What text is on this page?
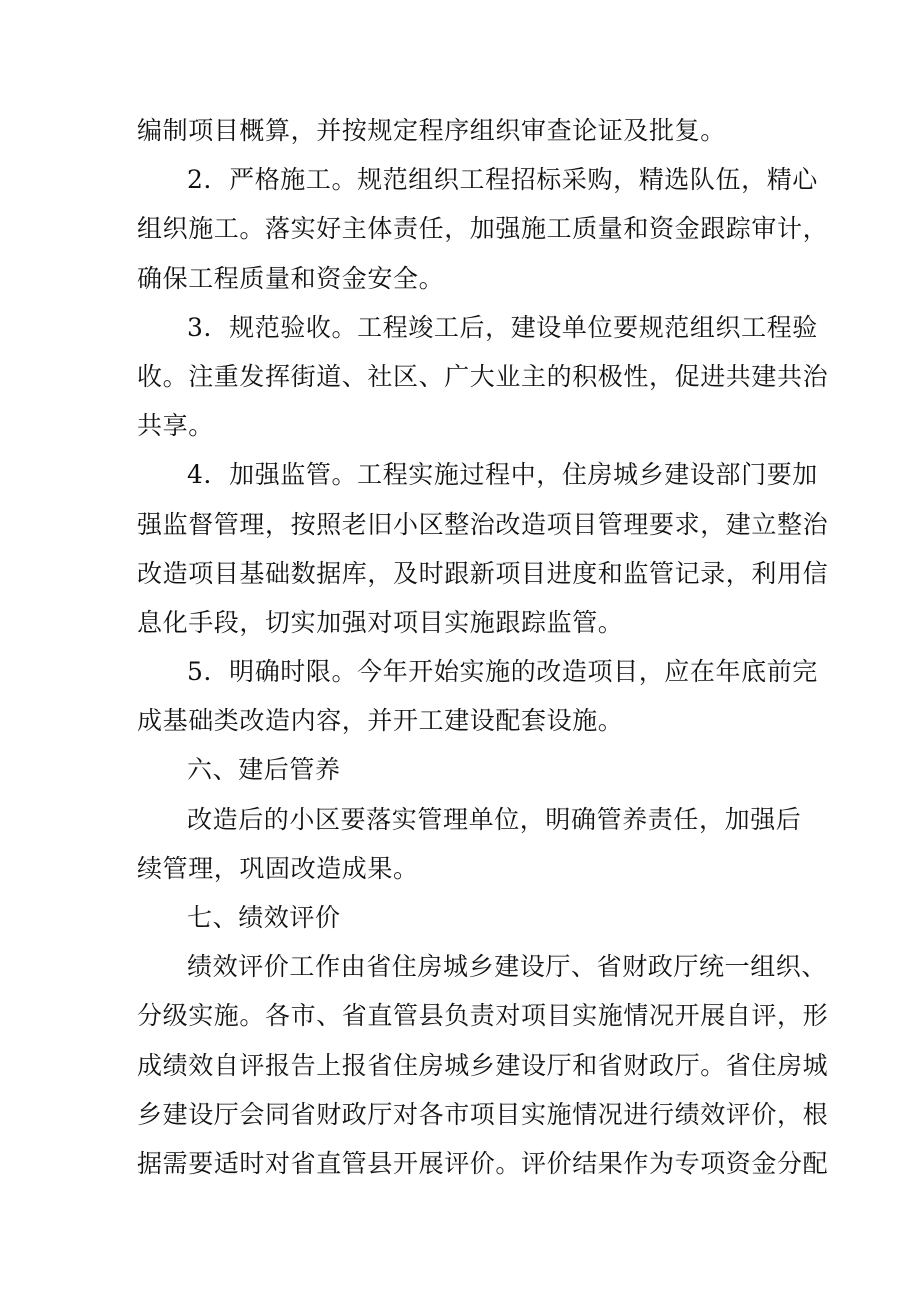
编制项目概算，并按规定程序组织审查论证及批复。
2．严格施工。规范组织工程招标采购，精选队伍，精心
组织施工。落实好主体责任，加强施工质量和资金跟踪审计，
确保工程质量和资金安全。
3．规范验收。工程竣工后，建设单位要规范组织工程验
收。注重发挥街道、社区、广大业主的积极性，促进共建共治
共享。
4．加强监管。工程实施过程中，住房城乡建设部门要加
强监督管理，按照老旧小区整治改造项目管理要求，建立整治
改造项目基础数据库，及时跟新项目进度和监管记录，利用信
息化手段，切实加强对项目实施跟踪监管。
5．明确时限。今年开始实施的改造项目，应在年底前完
成基础类改造内容，并开工建设配套设施。
六、建后管养
改造后的小区要落实管理单位，明确管养责任，加强后
续管理，巩固改造成果。
七、绩效评价
绩效评价工作由省住房城乡建设厅、省财政厅统一组织、
分级实施。各市、省直管县负责对项目实施情况开展自评，形
成绩效自评报告上报省住房城乡建设厅和省财政厅。省住房城
乡建设厅会同省财政厅对各市项目实施情况进行绩效评价，根
据需要适时对省直管县开展评价。评价结果作为专项资金分配
